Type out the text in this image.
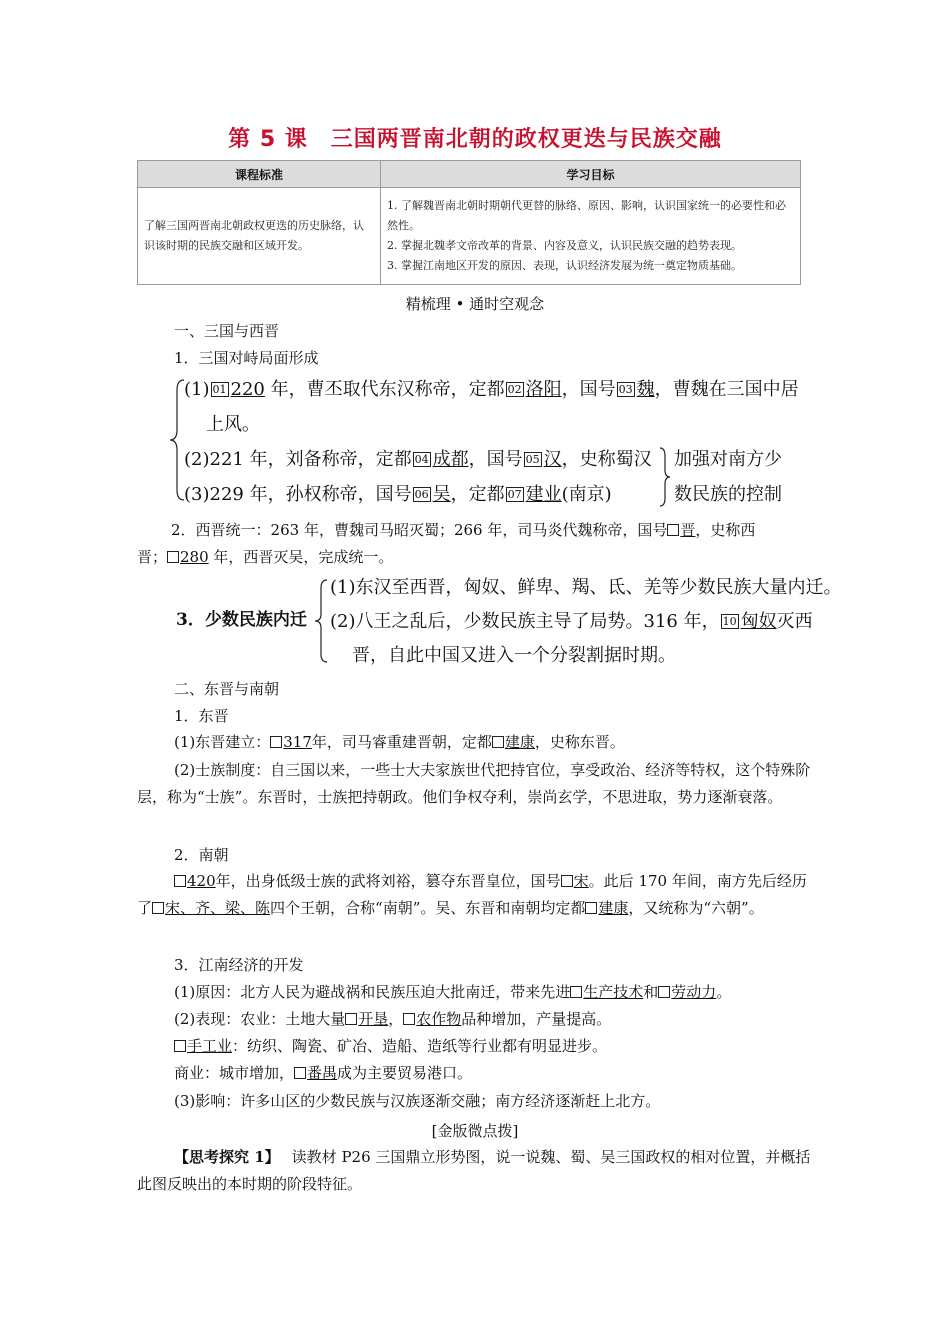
第 5 课　三国两晋南北朝的政权更迭与民族交融
课程标准	学习目标
了解三国两晋南北朝政权更迭的历史脉络，认识该时期的民族交融和区域开发。	1. 了解魏晋南北朝时期朝代更替的脉络、原因、影响，认识国家统一的必要性和必然性。
2. 掌握北魏孝文帝改革的背景、内容及意义，认识民族交融的趋势表现。
3. 掌握江南地区开发的原因、表现，认识经济发展为统一奠定物质基础。
精梳理 • 通时空观念
一、三国与西晋
1．三国对峙局面形成
(1) 01 220 年，曹丕取代东汉称帝，定都 02 洛阳，国号 03 魏，曹魏在三国中居
上风。
(2)221 年，刘备称帝，定都 04 成都，国号 05 汉，史称蜀汉
(3)229 年，孙权称帝，国号 06 吴，定都 07 建业(南京)
加强对南方少
数民族的控制
2．西晋统一：263 年，曹魏司马昭灭蜀；266 年，司马炎代魏称帝，国号 晋，史称西
晋； 280 年，西晋灭吴，完成统一。
3．少数民族内迁
(1)东汉至西晋，匈奴、鲜卑、羯、氐、羌等少数民族大量内迁。
(2)八王之乱后，少数民族主导了局势。316 年， 10 匈奴灭西
晋，自此中国又进入一个分裂割据时期。
二、东晋与南朝
1．东晋
(1)东晋建立： 317年，司马睿重建晋朝，定都 建康，史称东晋。
(2)士族制度：自三国以来，一些士大夫家族世代把持官位，享受政治、经济等特权，这个特殊阶层，称为“士族”。东晋时，士族把持朝政。他们争权夺利，崇尚玄学，不思进取，势力逐渐衰落。
2．南朝
420年，出身低级士族的武将刘裕，篡夺东晋皇位，国号 宋。此后 170 年间，南方先后经历了 宋、齐、梁、陈四个王朝，合称“南朝”。吴、东晋和南朝均定都 建康，又统称为“六朝”。
3．江南经济的开发
(1)原因：北方人民为避战祸和民族压迫大批南迁，带来先进 生产技术和 劳动力。
(2)表现：农业：土地大量 开垦， 农作物品种增加，产量提高。
手工业：纺织、陶瓷、矿冶、造船、造纸等行业都有明显进步。
商业：城市增加， 番禺成为主要贸易港口。
(3)影响：许多山区的少数民族与汉族逐渐交融；南方经济逐渐赶上北方。
[金版微点拨]
【思考探究 1】 读教材 P26 三国鼎立形势图，说一说魏、蜀、吴三国政权的相对位置，并概括此图反映出的本时期的阶段特征。
